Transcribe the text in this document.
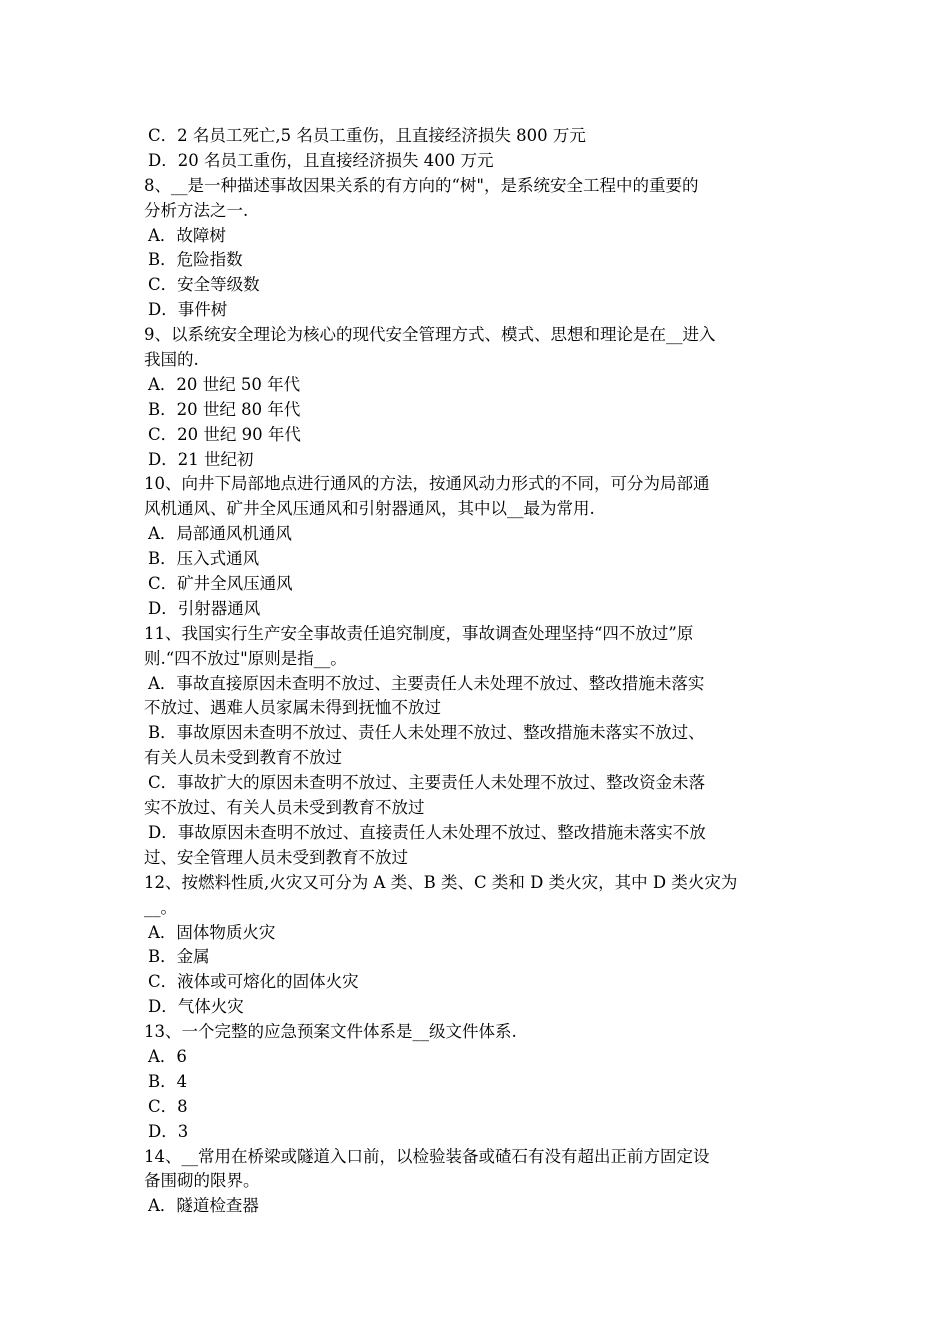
C．2 名员工死亡,5 名员工重伤，且直接经济损失 800 万元
D．20 名员工重伤，且直接经济损失 400 万元
8、__是一种描述事故因果关系的有方向的“树"，是系统安全工程中的重要的
分析方法之一.
A．故障树
B．危险指数
C．安全等级数
D．事件树
9、以系统安全理论为核心的现代安全管理方式、模式、思想和理论是在__进入
我国的.
A．20 世纪 50 年代
B．20 世纪 80 年代
C．20 世纪 90 年代
D．21 世纪初
10、向井下局部地点进行通风的方法，按通风动力形式的不同，可分为局部通
风机通风、矿井全风压通风和引射器通风，其中以__最为常用.
A．局部通风机通风
B．压入式通风
C．矿井全风压通风
D．引射器通风
11、我国实行生产安全事故责任追究制度，事故调查处理坚持“四不放过”原
则.“四不放过"原则是指__。
A．事故直接原因未查明不放过、主要责任人未处理不放过、整改措施未落实
不放过、遇难人员家属未得到抚恤不放过
B．事故原因未查明不放过、责任人未处理不放过、整改措施未落实不放过、
有关人员未受到教育不放过
C．事故扩大的原因未查明不放过、主要责任人未处理不放过、整改资金未落
实不放过、有关人员未受到教育不放过
D．事故原因未查明不放过、直接责任人未处理不放过、整改措施未落实不放
过、安全管理人员未受到教育不放过
12、按燃料性质,火灾又可分为 A 类、B 类、C 类和 D 类火灾，其中 D 类火灾为
__。
A．固体物质火灾
B．金属
C．液体或可熔化的固体火灾
D．气体火灾
13、一个完整的应急预案文件体系是__级文件体系.
A．6
B．4
C．8
D．3
14、__常用在桥梁或隧道入口前，以检验装备或碴石有没有超出正前方固定设
备围砌的限界。
A．隧道检查器
